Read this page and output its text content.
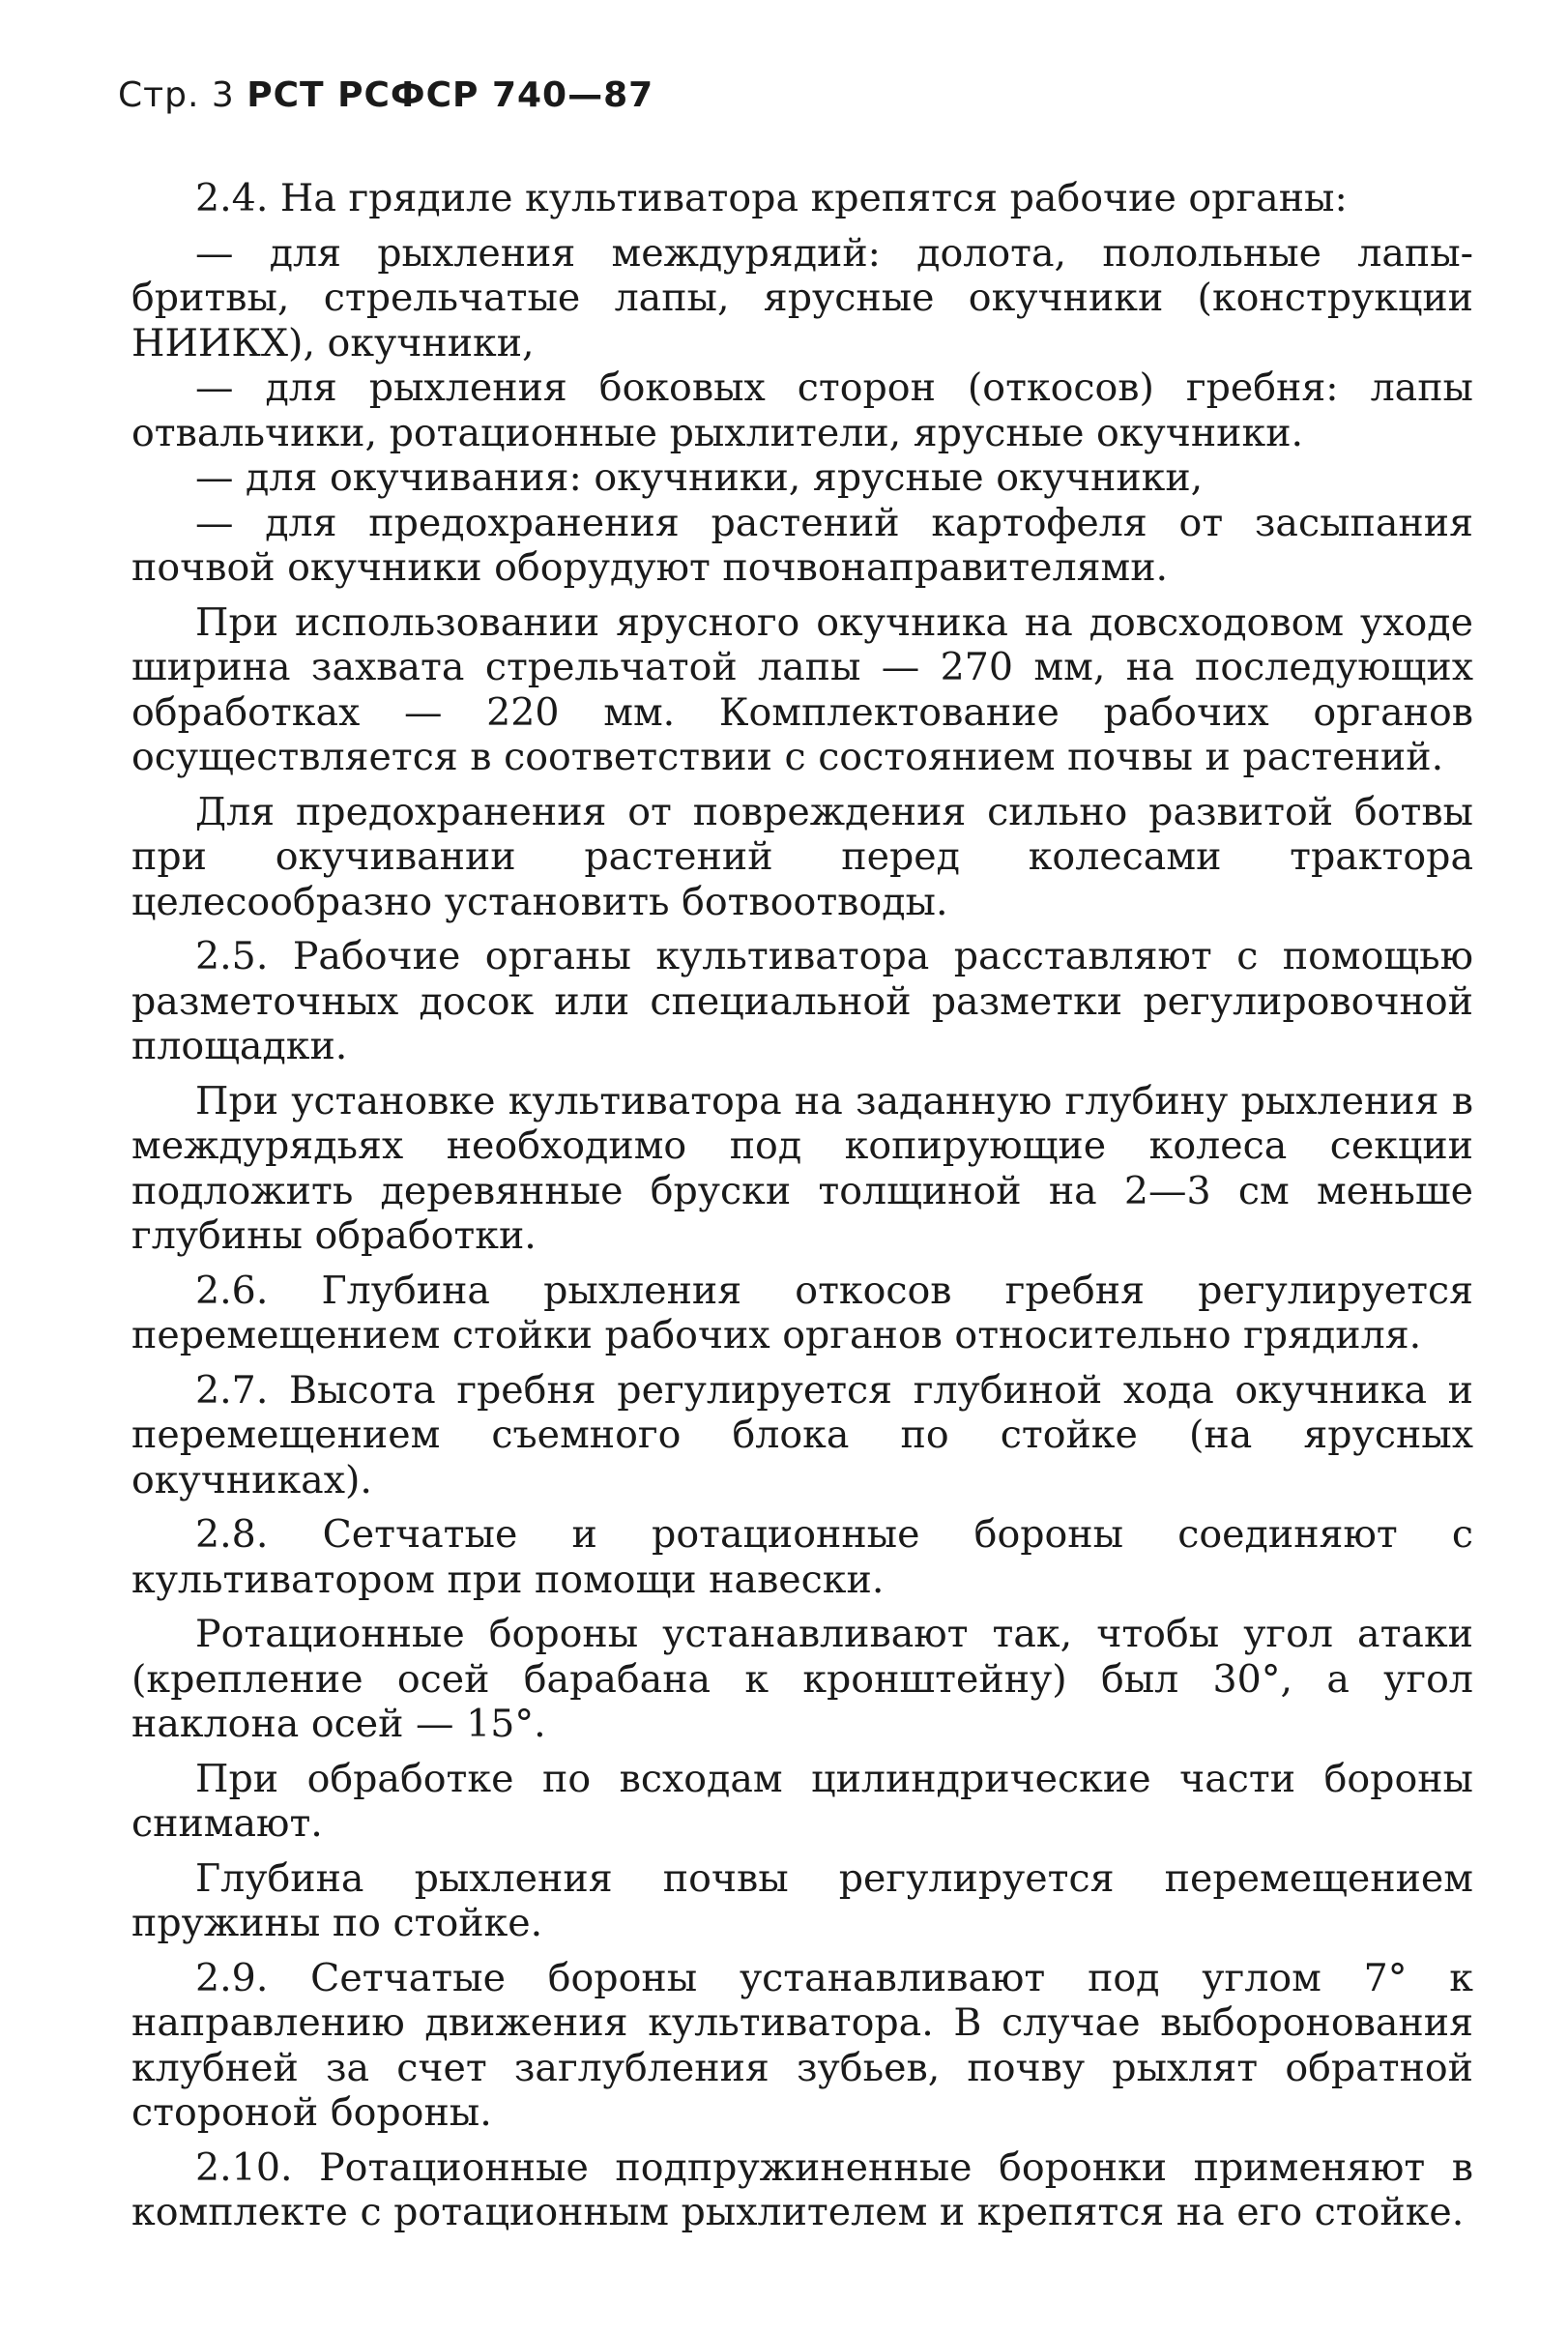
Стр. 3 РСТ РСФСР 740—87

2.4. На грядиле культиватора крепятся рабочие органы:

— для рыхления междурядий: долота, полольные лапы-бритвы, стрельчатые лапы, ярусные окучники (конструкции НИИКХ), окучники,

— для рыхления боковых сторон (откосов) гребня: лапы отвальчики, ротационные рыхлители, ярусные окучники.

— для окучивания: окучники, ярусные окучники,

— для предохранения растений картофеля от засыпания почвой окучники оборудуют почвонаправителями.

При использовании ярусного окучника на довсходовом уходе ширина захвата стрельчатой лапы — 270 мм, на последующих обработках — 220 мм. Комплектование рабочих органов осуществляется в соответствии с состоянием почвы и растений.

Для предохранения от повреждения сильно развитой ботвы при окучивании растений перед колесами трактора целесообразно установить ботвоотводы.

2.5. Рабочие органы культиватора расставляют с помощью разметочных досок или специальной разметки регулировочной площадки.

При установке культиватора на заданную глубину рыхления в междурядьях необходимо под копирующие колеса секции подложить деревянные бруски толщиной на 2—3 см меньше глубины обработки.

2.6. Глубина рыхления откосов гребня регулируется перемещением стойки рабочих органов относительно грядиля.

2.7. Высота гребня регулируется глубиной хода окучника и перемещением съемного блока по стойке (на ярусных окучниках).

2.8. Сетчатые и ротационные бороны соединяют с культиватором при помощи навески.

Ротационные бороны устанавливают так, чтобы угол атаки (крепление осей барабана к кронштейну) был 30°, а угол наклона осей — 15°.

При обработке по всходам цилиндрические части бороны снимают.

Глубина рыхления почвы регулируется перемещением пружины по стойке.

2.9. Сетчатые бороны устанавливают под углом 7° к направлению движения культиватора. В случае выборонования клубней за счет заглубления зубьев, почву рыхлят обратной стороной бороны.

2.10. Ротационные подпружиненные боронки применяют в комплекте с ротационным рыхлителем и крепятся на его стойке.
